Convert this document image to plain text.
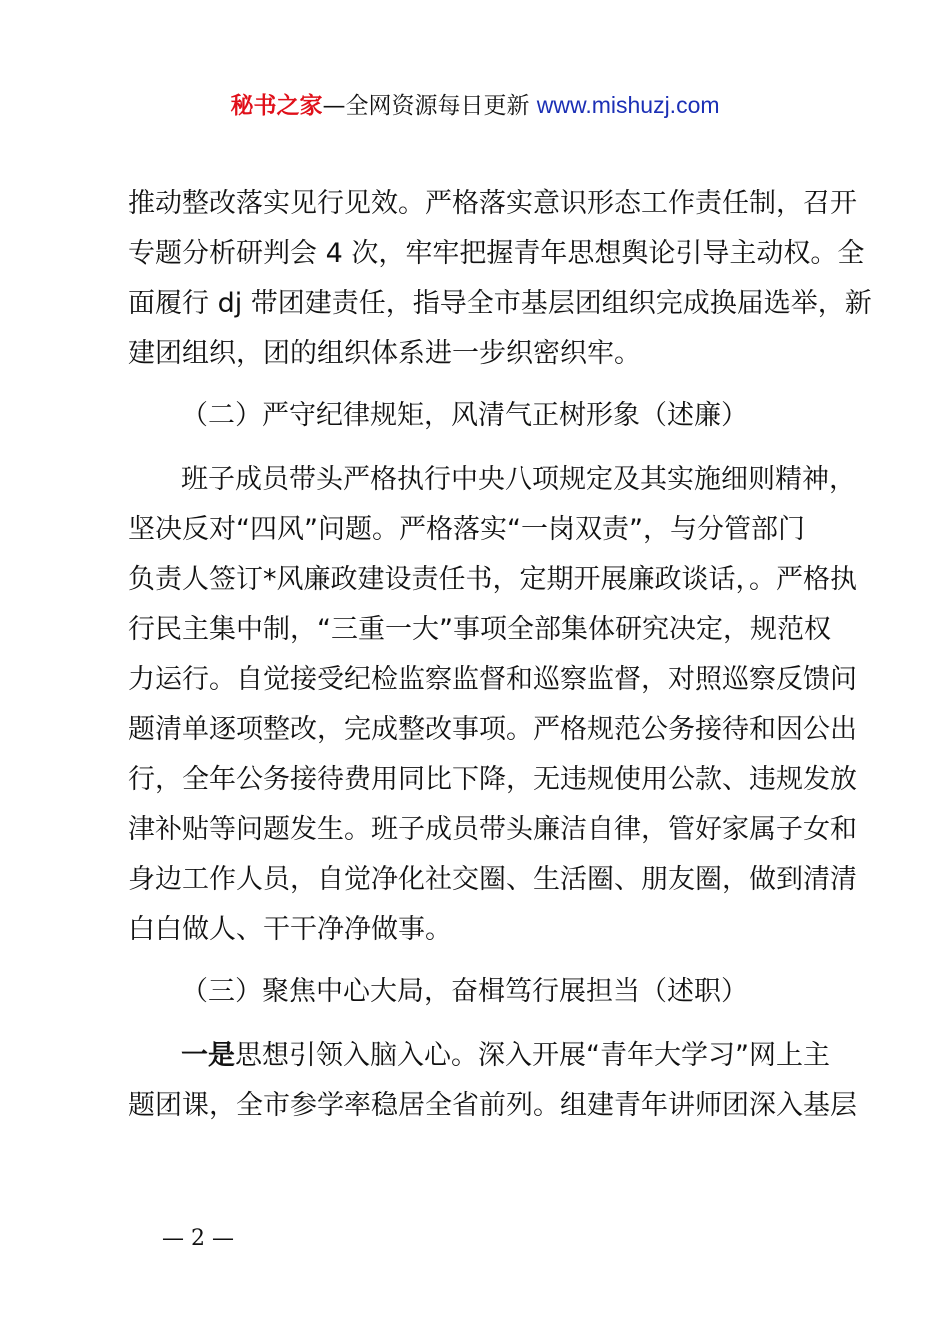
秘书之家—全网资源每日更新 www.mishuzj.com
推动整改落实见行见效。严格落实意识形态工作责任制，召开
专题分析研判会 4 次，牢牢把握青年思想舆论引导主动权。全
面履行 dj 带团建责任，指导全市基层团组织完成换届选举，新
建团组织，团的组织体系进一步织密织牢。
（二）严守纪律规矩，风清气正树形象（述廉）
班子成员带头严格执行中央八项规定及其实施细则精神，
坚决反对“四风”问题。严格落实“一岗双责”，与分管部门
负责人签订*风廉政建设责任书，定期开展廉政谈话，。严格执
行民主集中制，“三重一大”事项全部集体研究决定，规范权
力运行。自觉接受纪检监察监督和巡察监督，对照巡察反馈问
题清单逐项整改，完成整改事项。严格规范公务接待和因公出
行，全年公务接待费用同比下降，无违规使用公款、违规发放
津补贴等问题发生。班子成员带头廉洁自律，管好家属子女和
身边工作人员，自觉净化社交圈、生活圈、朋友圈，做到清清
白白做人、干干净净做事。
（三）聚焦中心大局，奋楫笃行展担当（述职）
一是思想引领入脑入心。深入开展“青年大学习”网上主
题团课，全市参学率稳居全省前列。组建青年讲师团深入基层
— 2 —
